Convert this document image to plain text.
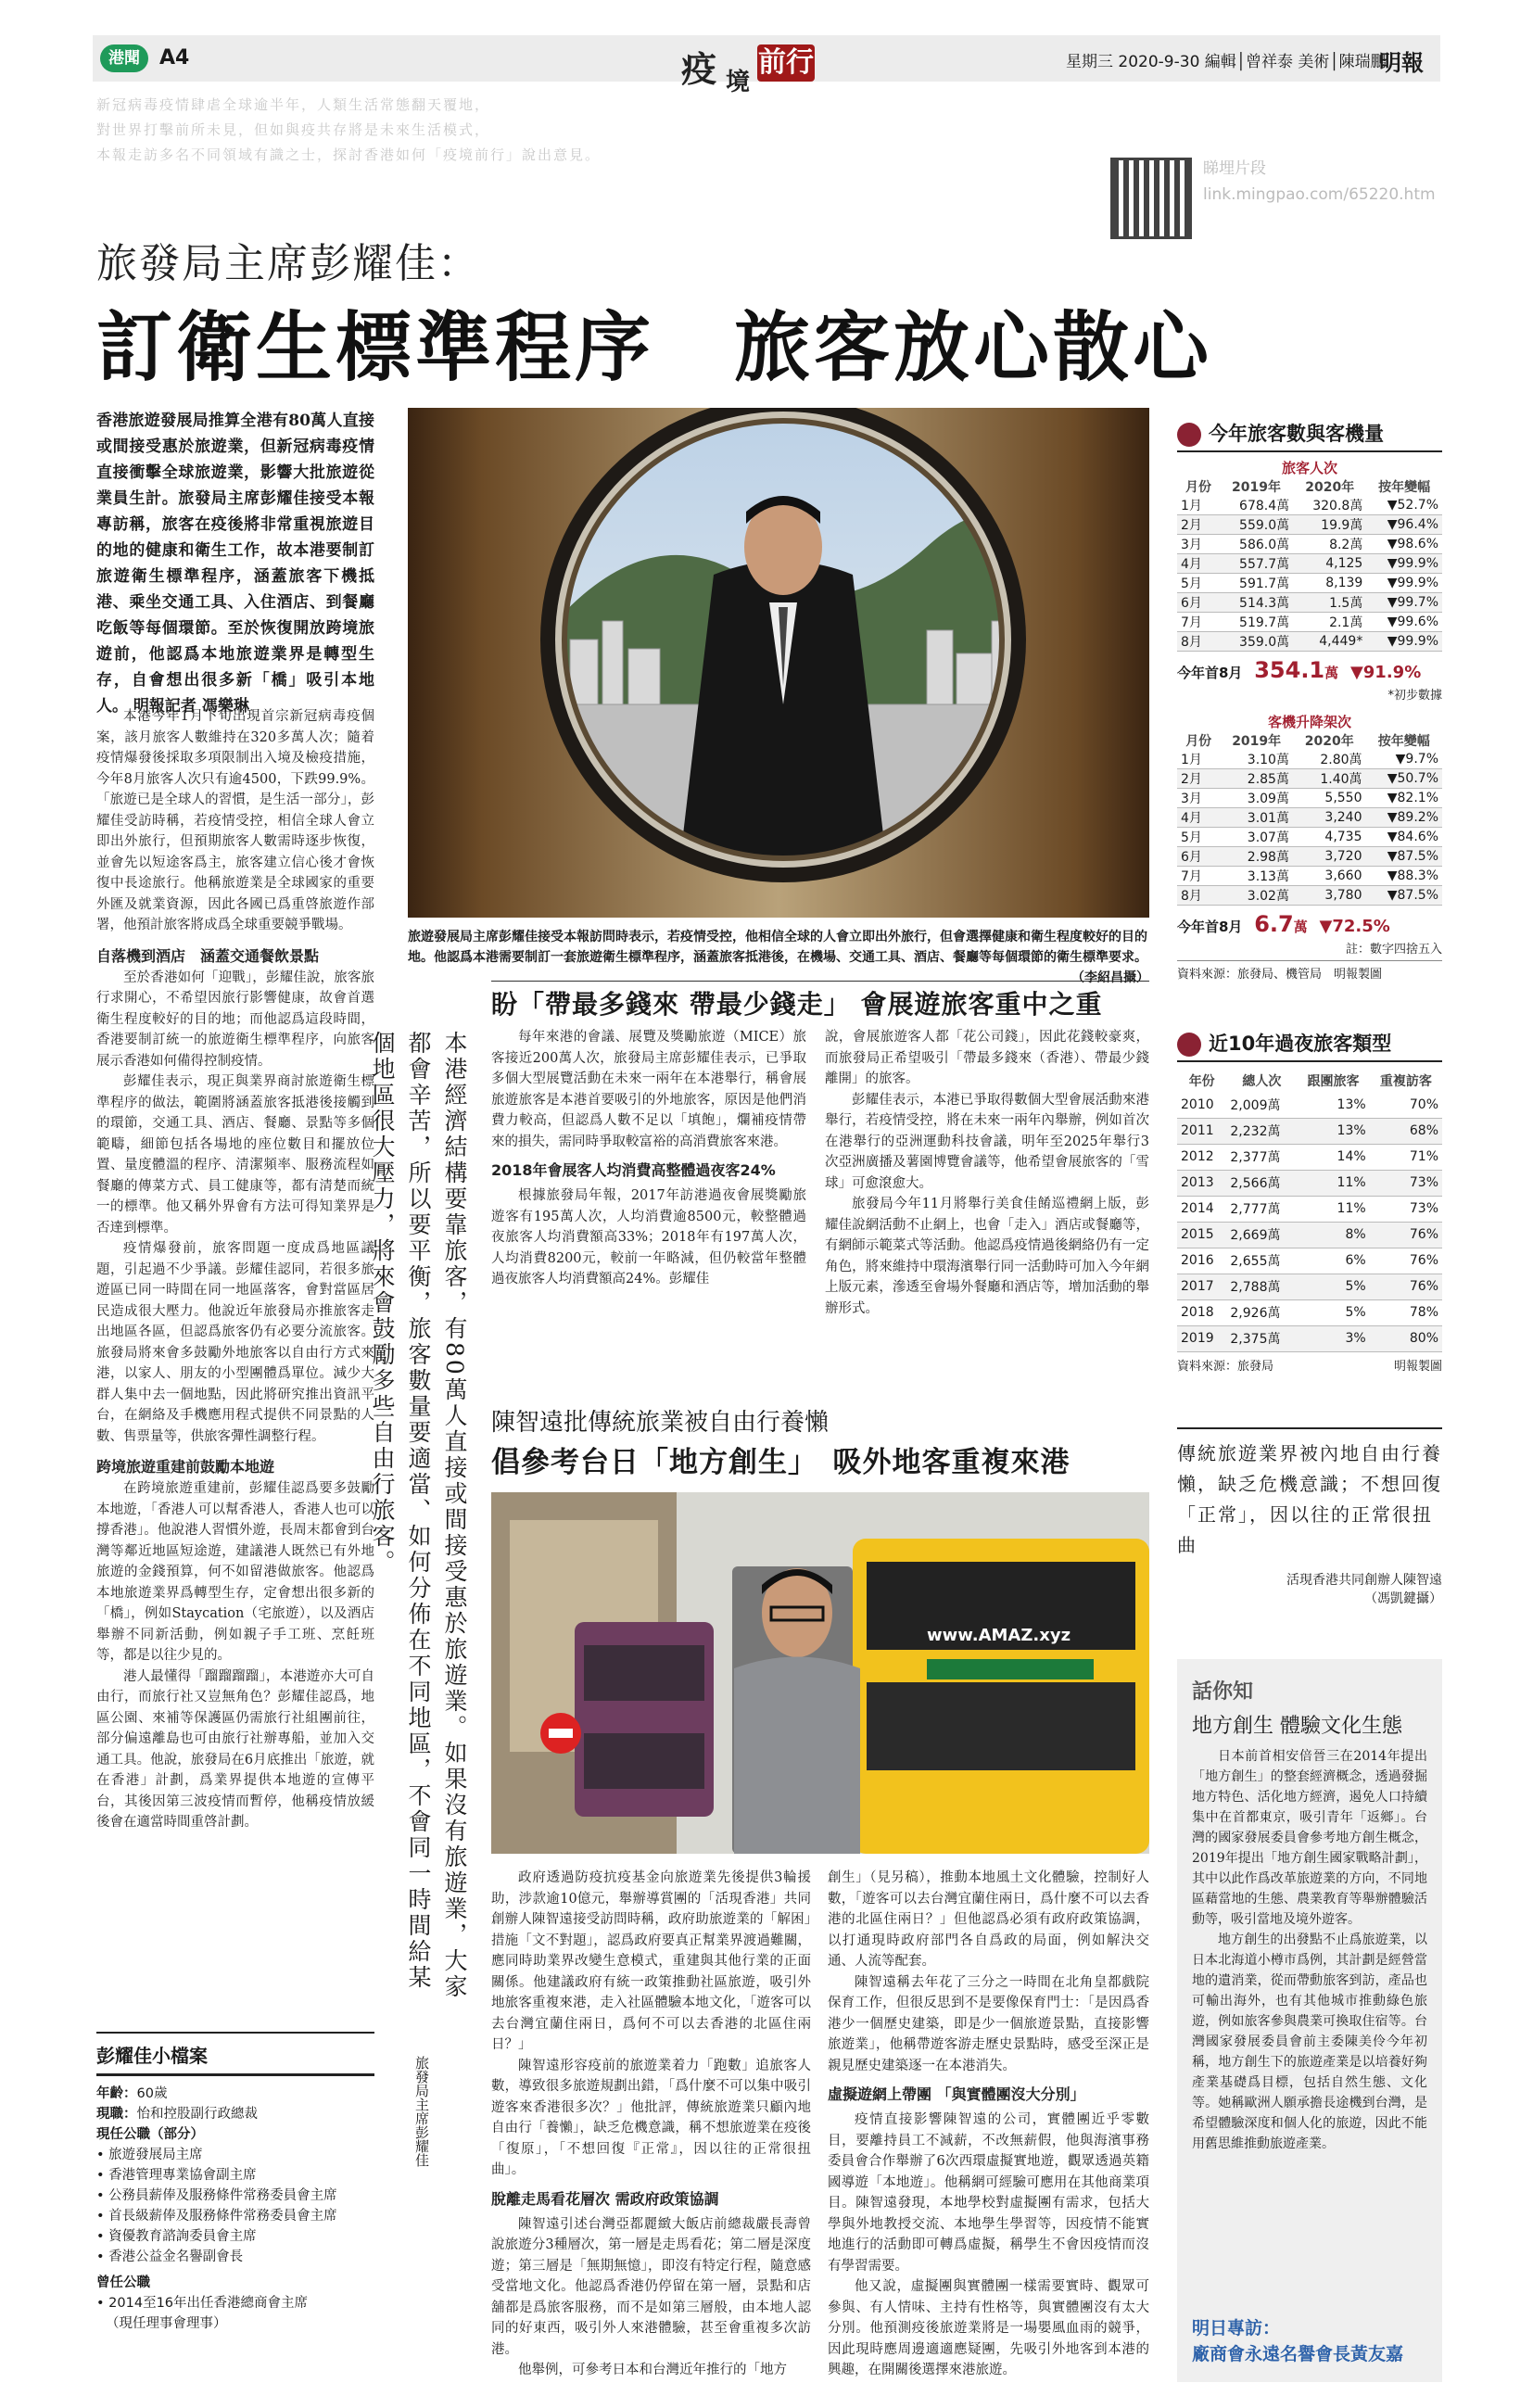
港聞 A4	疫 境
前行	星期三 2020-9-30 編輯│曾祥泰 美術│陳瑞鵬
明報
新冠病毒疫情肆虐全球逾半年，人類生活常態翻天覆地，
對世界打擊前所未見，但如與疫共存將是未來生活模式，
本報走訪多名不同領域有識之士，探討香港如何「疫境前行」說出意見。
睇埋片段
link.mingpao.com/65220.htm
旅發局主席彭耀佳：
訂衛生標準程序　旅客放心散心
香港旅遊發展局推算全港有80萬人直接或間接受惠於旅遊業，但新冠病毒疫情直接衝擊全球旅遊業，影響大批旅遊從業員生計。旅發局主席彭耀佳接受本報專訪稱，旅客在疫後將非常重視旅遊目的地的健康和衛生工作，故本港要制訂旅遊衛生標準程序，涵蓋旅客下機抵港、乘坐交通工具、入住酒店、到餐廳吃飯等每個環節。至於恢復開放跨境旅遊前，他認爲本地旅遊業界是轉型生存，自會想出很多新「橋」吸引本地人。 明報記者 馮樂琳
本港今年1月下旬出現首宗新冠病毒疫個案，該月旅客人數維持在320多萬人次；隨着疫情爆發後採取多項限制出入境及檢疫措施，今年8月旅客人次只有逾4500，下跌99.9%。「旅遊已是全球人的習慣，是生活一部分」，彭耀佳受訪時稱，若疫情受控，相信全球人會立即出外旅行，但預期旅客人數需時逐步恢復，並會先以短途客爲主，旅客建立信心後才會恢復中長途旅行。他稱旅遊業是全球國家的重要外匯及就業資源，因此各國已爲重啓旅遊作部署，他預計旅客將成爲全球重要競爭戰場。
自落機到酒店　涵蓋交通餐飲景點
至於香港如何「迎戰」，彭耀佳說，旅客旅行求開心，不希望因旅行影響健康，故會首選衛生程度較好的目的地；而他認爲這段時間，香港要制訂統一的旅遊衛生標準程序，向旅客展示香港如何備得控制疫情。
彭耀佳表示，現正與業界商討旅遊衛生標準程序的做法，範圍將涵蓋旅客抵港後接觸到的環節，交通工具、酒店、餐廳、景點等多個範疇，細節包括各場地的座位數目和擺放位置、量度體溫的程序、清潔頻率、服務流程如餐廳的傳菜方式、員工健康等，都有清楚而統一的標準。他又稱外界會有方法可得知業界是否達到標準。
疫情爆發前，旅客問題一度成爲地區議題，引起過不少爭議。彭耀佳認同，若很多旅遊區已同一時間在同一地區落客，會對當區居民造成很大壓力。他說近年旅發局亦推旅客走出地區各區，但認爲旅客仍有必要分流旅客。旅發局將來會多鼓勵外地旅客以自由行方式來港，以家人、朋友的小型團體爲單位。減少大群人集中去一個地點，因此將研究推出資訊平台，在網絡及手機應用程式提供不同景點的人數、售票量等，供旅客彈性調整行程。
跨境旅遊重建前鼓勵本地遊
在跨境旅遊重建前，彭耀佳認爲要多鼓勵本地遊，「香港人可以幫香港人，香港人也可以撐香港」。他說港人習慣外遊，長周末都會到台灣等鄰近地區短途遊，建議港人既然已有外地旅遊的金錢預算，何不如留港做旅客。他認爲本地旅遊業界爲轉型生存，定會想出很多新的「橋」，例如Staycation（宅旅遊），以及酒店舉辦不同新活動，例如親子手工班、烹飪班等，都是以往少見的。
港人最懂得「蹓蹓蹓蹓」，本港遊亦大可自由行，而旅行社又豈無角色？彭耀佳認爲，地區公園、來補等保護區仍需旅行社組團前往，部分偏遠離島也可由旅行社辦專船，並加入交通工具。他說，旅發局在6月底推出「旅遊，就在香港」計劃，爲業界提供本地遊的宣傳平台，其後因第三波疫情而暫停，他稱疫情放緩後會在適當時間重啓計劃。
彭耀佳小檔案
年齡：60歲
現職：怡和控股副行政總裁
現任公職（部分）
• 旅遊發展局主席
• 香港管理專業協會副主席
• 公務員薪俸及服務條件常務委員會主席
• 首長級薪俸及服務條件常務委員會主席
• 資優教育諮詢委員會主席
• 香港公益金名譽副會長
曾任公職
• 2014至16年出任香港總商會主席
（現任理事會理事）
旅遊發展局主席彭耀佳接受本報訪問時表示，若疫情受控，他相信全球的人會立即出外旅行，但會選擇健康和衛生程度較好的目的地。他認爲本港需要制訂一套旅遊衛生標準程序，涵蓋旅客抵港後，在機場、交通工具、酒店、餐廳等每個環節的衛生標準要求。
（李紹昌攝）
本港經濟結構要靠旅客，有80萬人直接或間接受惠於旅遊業。如果沒有旅遊業，大家都會辛苦，所以要平衡，旅客數量要適當、如何分佈在不同地區，不會同一時間給某個地區很大壓力，將來會鼓勵多些自由行旅客。
旅發局主席彭耀佳
盼「帶最多錢來 帶最少錢走」 會展遊旅客重中之重
每年來港的會議、展覽及獎勵旅遊（MICE）旅客接近200萬人次，旅發局主席彭耀佳表示，已爭取多個大型展覽活動在未來一兩年在本港舉行，稱會展旅遊旅客是本港首要吸引的外地旅客，原因是他們消費力較高，但認爲人數不足以「填飽」，爛補疫情帶來的損失，需同時爭取較富裕的高消費旅客來港。
2018年會展客人均消費高整體過夜客24%
根據旅發局年報，2017年訪港過夜會展獎勵旅遊客有195萬人次，人均消費逾8500元，較整體過夜旅客人均消費額高33%；2018年有197萬人次，人均消費8200元，較前一年略減，但仍較當年整體過夜旅客人均消費額高24%。彭耀佳
說，會展旅遊客人都「花公司錢」，因此花錢較豪爽，而旅發局正希望吸引「帶最多錢來（香港）、帶最少錢離開」的旅客。
彭耀佳表示，本港已爭取得數個大型會展活動來港舉行，若疫情受控，將在未來一兩年內舉辦，例如首次在港舉行的亞洲運動科技會議，明年至2025年舉行3次亞洲廣播及薯園博覽會議等，他希望會展旅客的「雪球」可愈滾愈大。
旅發局今年11月將舉行美食佳餚巡禮網上版，彭耀佳說網活動不止網上，也會「走入」酒店或餐廳等，有網師示範菜式等活動。他認爲疫情過後網絡仍有一定角色，將來維持中環海濱舉行同一活動時可加入今年網上版元素，滲透至會場外餐廳和酒店等，增加活動的舉辦形式。
陳智遠批傳統旅業被自由行養懶
倡參考台日「地方創生」　吸外地客重複來港
www.AMAZ.xyz
政府透過防疫抗疫基金向旅遊業先後提供3輪援助，涉款逾10億元，舉辦導賞團的「活現香港」共同創辦人陳智遠接受訪問時稱，政府助旅遊業的「解困」措施「文不對題」，認爲政府要真正幫業界渡過難關，應同時助業界改變生意模式，重建與其他行業的正面關係。他建議政府有統一政策推動社區旅遊，吸引外地旅客重複來港，走入社區體驗本地文化，「遊客可以去台灣宜蘭住兩日，爲何不可以去香港的北區住兩日？」
陳智遠形容疫前的旅遊業着力「跑數」追旅客人數，導致很多旅遊規劃出錯，「爲什麼不可以集中吸引遊客來香港很多次？」他批評，傳統旅遊業只顧內地自由行「養懶」，缺乏危機意識，稱不想旅遊業在疫後「復原」，「不想回復『正常』，因以往的正常很扭曲」。
脫離走馬看花層次 需政府政策協調
陳智遠引述台灣亞都麗緻大飯店前總裁嚴長壽曾說旅遊分3種層次，第一層是走馬看花；第二層是深度遊；第三層是「無期無憶」，即沒有特定行程，隨意感受當地文化。他認爲香港仍停留在第一層，景點和店舖都是爲旅客服務，而不是如第三層般，由本地人認同的好東西，吸引外人來港體驗，甚至會重複多次訪港。
他舉例，可參考日本和台灣近年推行的「地方
創生」（見另稿），推動本地風土文化體驗，控制好人數，「遊客可以去台灣宜蘭住兩日，爲什麼不可以去香港的北區住兩日？」但他認爲必須有政府政策協調，以打通現時政府部門各自爲政的局面，例如解決交通、人流等配套。
陳智遠稱去年花了三分之一時間在北角皇都戲院保育工作，但很反思到不是要像保育門士：「是因爲香港少一個歷史建築，即是少一個旅遊景點，直接影響旅遊業」，他稱帶遊客游走歷史景點時，感受至深正是親見歷史建築逐一在本港消失。
虛擬遊網上帶團 「與實體團沒大分別」
疫情直接影響陳智遠的公司，實體團近乎零數目，要離持員工不減薪，不改無薪假，他與海濱事務委員會合作舉辦了6次西環虛擬實地遊，觀眾透過英籍國導遊「本地遊」。他稱網可經驗可應用在其他商業項目。陳智遠發現，本地學校對虛擬團有需求，包括大學與外地教授交流、本地學生學習等，因疫情不能實地進行的活動即可轉爲虛擬，稱學生不會因疫情而沒有學習需要。
他又說，虛擬團與實體團一樣需要實時、觀眾可參與、有人情味、主持有性格等，與實體團沒有太大分別。他預測疫後旅遊業將是一場嬰風血雨的競爭，因此現時應周邊適適應疑團，先吸引外地客到本港的興趣，在開關後選擇來港旅遊。
今年旅客數與客機量
旅客人次
月份	2019年	2020年	按年變幅
1月	678.4萬	320.8萬	▼52.7%
2月	559.0萬	19.9萬	▼96.4%
3月	586.0萬	8.2萬	▼98.6%
4月	557.7萬	4,125	▼99.9%
5月	591.7萬	8,139	▼99.9%
6月	514.3萬	1.5萬	▼99.7%
7月	519.7萬	2.1萬	▼99.6%
8月	359.0萬	4,449*	▼99.9%
今年首8月 354.1萬 ▼91.9%
*初步數據
客機升降架次
月份	2019年	2020年	按年變幅
1月	3.10萬	2.80萬	▼9.7%
2月	2.85萬	1.40萬	▼50.7%
3月	3.09萬	5,550	▼82.1%
4月	3.01萬	3,240	▼89.2%
5月	3.07萬	4,735	▼84.6%
6月	2.98萬	3,720	▼87.5%
7月	3.13萬	3,660	▼88.3%
8月	3.02萬	3,780	▼87.5%
今年首8月 6.7萬 ▼72.5%
註：數字四捨五入
資料來源：旅發局、機管局　明報製圖
近10年過夜旅客類型
年份	總人次	跟團旅客	重複訪客
2010	2,009萬	13%	70%
2011	2,232萬	13%	68%
2012	2,377萬	14%	71%
2013	2,566萬	11%	73%
2014	2,777萬	11%	73%
2015	2,669萬	8%	76%
2016	2,655萬	6%	76%
2017	2,788萬	5%	76%
2018	2,926萬	5%	78%
2019	2,375萬	3%	80%
資料來源：旅發局	明報製圖
傳統旅遊業界被內地自由行養懶，缺乏危機意識；不想回復「正常」，因以往的正常很扭曲
活現香港共同創辦人陳智遠
（馮凱鍵攝）
話你知
地方創生 體驗文化生態
日本前首相安倍晉三在2014年提出「地方創生」的整套經濟概念，透過發掘地方特色、活化地方經濟，遏免人口持續集中在首都東京，吸引青年「返鄉」。台灣的國家發展委員會參考地方創生概念，2019年提出「地方創生國家戰略計劃」，其中以此作爲改革旅遊業的方向，不同地區藉當地的生態、農業教育等舉辦體驗活動等，吸引當地及境外遊客。
地方創生的出發點不止爲旅遊業，以日本北海道小樽市爲例，其計劃是經營當地的遺消業，從而帶動旅客到訪，產品也可輸出海外，也有其他城市推動綠色旅遊，例如旅客參與農業可換取住宿等。台灣國家發展委員會前主委陳美伶今年初稱，地方創生下的旅遊產業是以培養好夠產業基礎爲目標，包括自然生態、文化等。她稱歐洲人願承擔長途機到台灣，是希望體驗深度和個人化的旅遊，因此不能用舊思維推動旅遊產業。
明日專訪：
廠商會永遠名譽會長黃友嘉
